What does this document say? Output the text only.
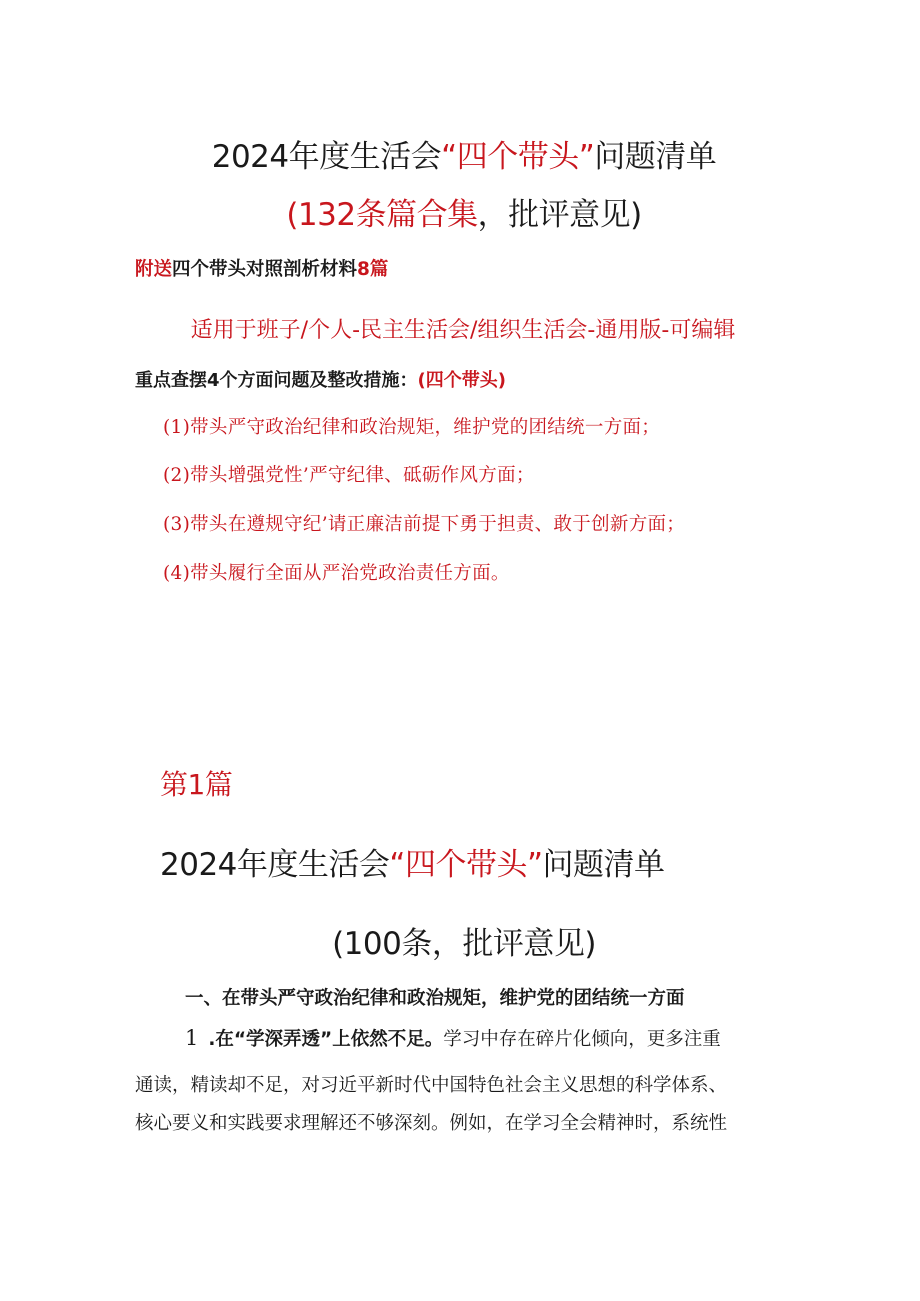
2024年度生活会“四个带头”问题清单
(132条篇合集，批评意见)
附送四个带头对照剖析材料8篇
适用于班子/个人-民主生活会/组织生活会-通用版-可编辑
重点查摆4个方面问题及整改措施：(四个带头)
(1)带头严守政治纪律和政治规矩，维护党的团结统一方面；
(2)带头增强党性’严守纪律、砥砺作风方面；
(3)带头在遵规守纪’请正廉洁前提下勇于担责、敢于创新方面；
(4)带头履行全面从严治党政治责任方面。
第1篇
2024年度生活会“四个带头”问题清单
(100条，批评意见)
一、在带头严守政治纪律和政治规矩，维护党的团结统一方面
1 .在“学深弄透”上依然不足。学习中存在碎片化倾向，更多注重
通读，精读却不足，对习近平新时代中国特色社会主义思想的科学体系、
核心要义和实践要求理解还不够深刻。例如，在学习全会精神时，系统性
